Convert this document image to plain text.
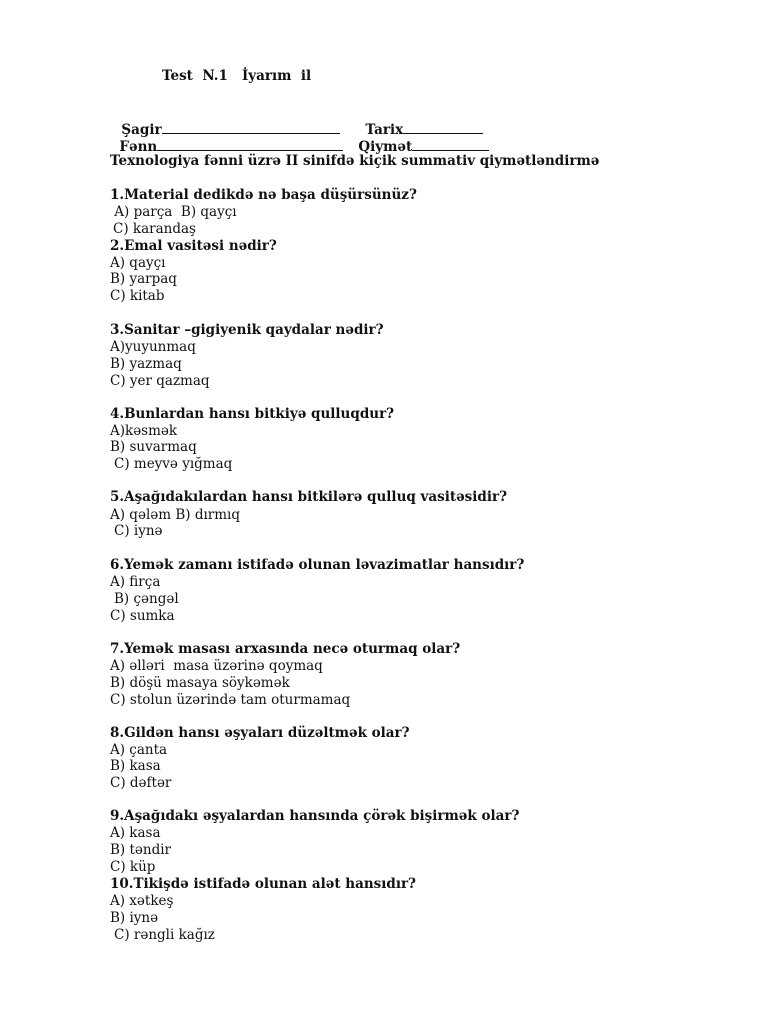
Test  N.1   İyarım  il

Şagir	Tarix

Fənn	Qiymət

Texnologiya fənni üzrə II sinifdə kiçik summativ qiymətləndirmə
1.Material dedikdə nə başa düşürsünüz?
A) parça  B) qayçı
C) karandaş
2.Emal vasitəsi nədir?
A) qayçı
B) yarpaq
C) kitab
3.Sanitar –gigiyenik qaydalar nədir?
A)yuyunmaq
B) yazmaq
C) yer qazmaq
4.Bunlardan hansı bitkiyə qulluqdur?
A)kəsmək
B) suvarmaq
C) meyvə yığmaq
5.Aşağıdakılardan hansı bitkilərə qulluq vasitəsidir?
A) qələm B) dırmıq
C) iynə
6.Yemək zamanı istifadə olunan ləvazimatlar hansıdır?
A) firça
B) çəngəl
C) sumka
7.Yemək masası arxasında necə oturmaq olar?
A) əlləri  masa üzərinə qoymaq
B) döşü masaya söykəmək
C) stolun üzərində tam oturmamaq
8.Gildən hansı əşyaları düzəltmək olar?
A) çanta
B) kasa
C) dəftər
9.Aşağıdakı əşyalardan hansında çörək bişirmək olar?
A) kasa
B) təndir
C) küp
10.Tikişdə istifadə olunan alət hansıdır?
A) xətkeş
B) iynə
C) rəngli kağız
